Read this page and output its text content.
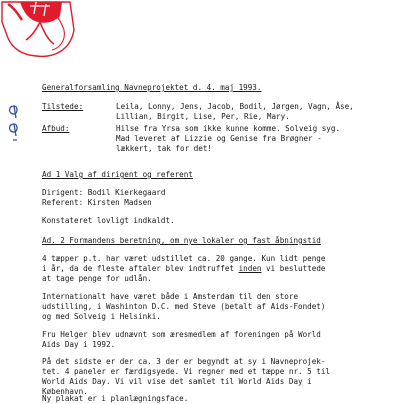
Generalforsamling Navneprojektet d. 4. maj 1993.
Tilstede:	Leila, Lonny, Jens, Jacob, Bodil, Jørgen, Vagn, Åse,
Lillian, Birgit, Lise, Per, Rie, Mary.
Afbud:	Hilse fra Yrsa som ikke kunne komme. Solveig syg.
Mad leveret af Lizzie og Genise fra Brøgner -
lækkert, tak for det!
Ad 1 Valg af dirigent og referent
Dirigent: Bodil Kierkegaard
Referent: Kirsten Madsen
Konstateret lovligt indkaldt.
Ad. 2 Formandens beretning, om nye lokaler og fast åbningstid
4 tæpper p.t. har været udstillet ca. 20 gange. Kun lidt penge
i år, da de fleste aftaler blev indtruffet inden vi besluttede
at tage penge for udlån.
Internationalt have været både i Amsterdam til den store
udstilling, i Washinton D.C. med Steve (betalt af Aids-Fondet)
og med Solveig i Helsinki.
Fru Helger blev udnævnt som æresmedlem af foreningen på World
Aids Day i 1992.
På det sidste er der ca. 3 der er begyndt at sy i Navneprojek-
tet. 4 paneler er færdigsyede. Vi regner med et tæppe nr. 5 til
World Aids Day. Vi vil vise det samlet til World Aids Day i
København.
Ny plakat er i planlægningsface.
